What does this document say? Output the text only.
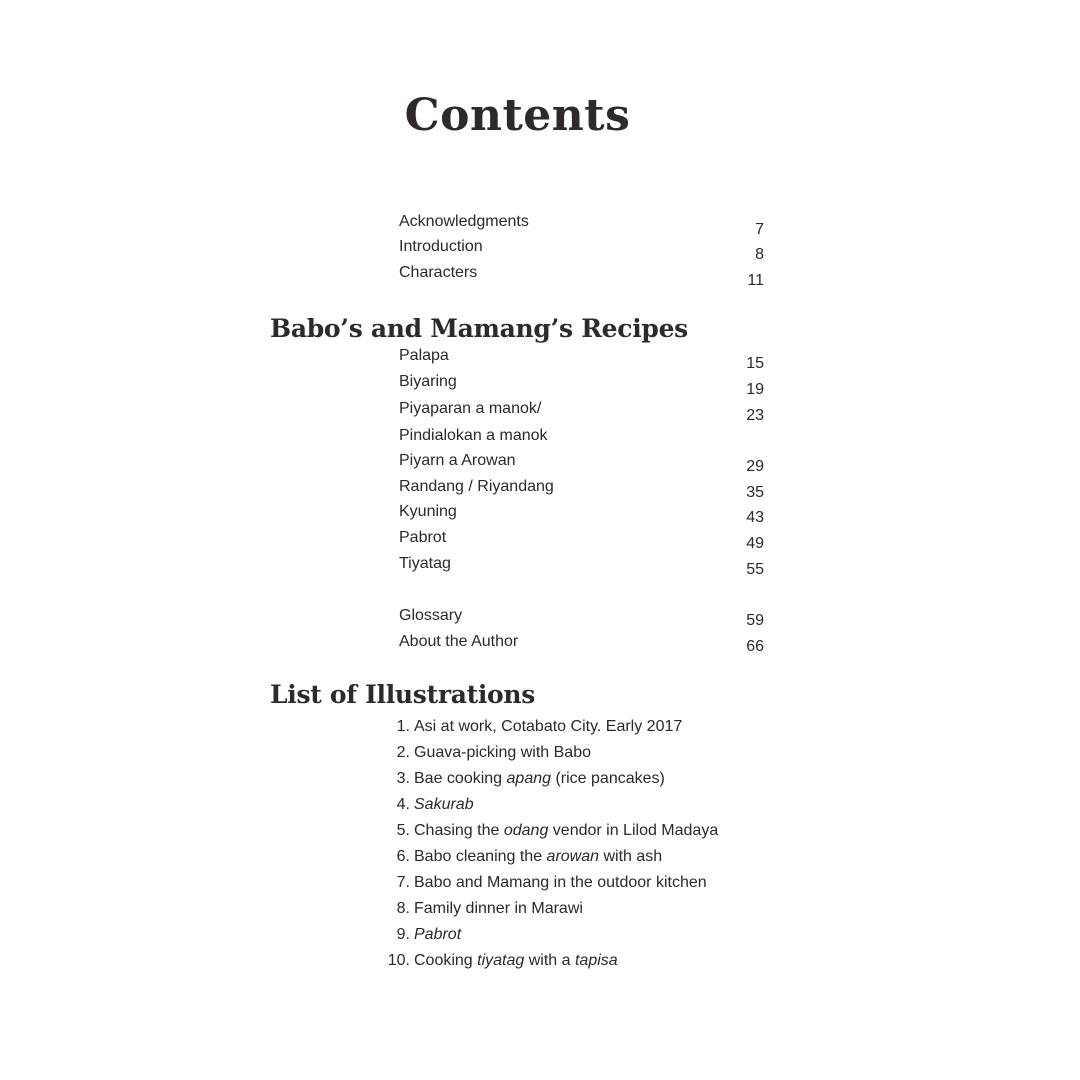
Contents
Acknowledgments	7
Introduction	8
Characters	11
Babo’s and Mamang’s Recipes
Palapa	15
Biyaring	19
Piyaparan a manok/	23
Pindialokan a manok
Piyarn a Arowan	29
Randang / Riyandang	35
Kyuning	43
Pabrot	49
Tiyatag	55
Glossary	59
About the Author	66
List of Illustrations
1. Asi at work, Cotabato City. Early 2017
2. Guava-picking with Babo
3. Bae cooking apang (rice pancakes)
4. Sakurab
5. Chasing the odang vendor in Lilod Madaya
6. Babo cleaning the arowan with ash
7. Babo and Mamang in the outdoor kitchen
8. Family dinner in Marawi
9. Pabrot
10. Cooking tiyatag with a tapisa
